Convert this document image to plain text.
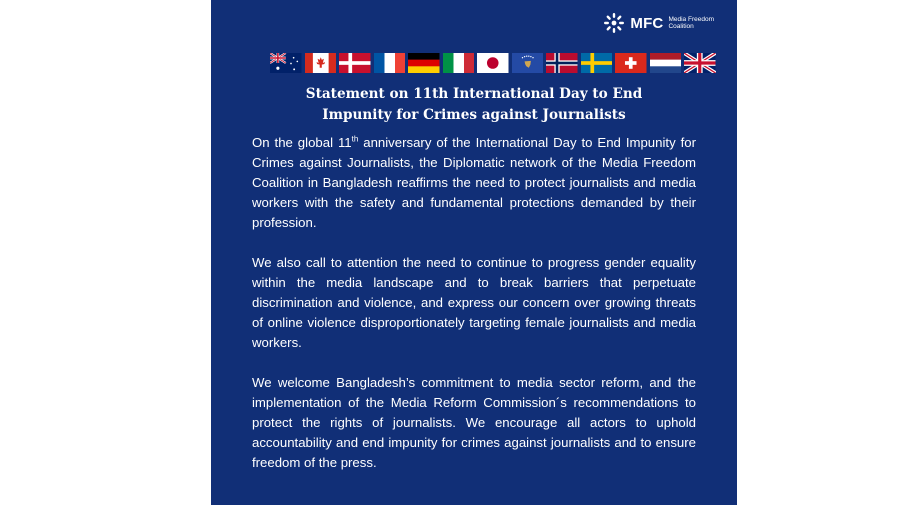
MFC Media Freedom
Coalition
Statement on 11th International Day to End
Impunity for Crimes against Journalists

On the global 11th anniversary of the International Day to End Impunity for Crimes against Journalists, the Diplomatic network of the Media Freedom Coalition in Bangladesh reaffirms the need to protect journalists and media workers with the safety and fundamental protections demanded by their profession.

We also call to attention the need to continue to progress gender equality within the media landscape and to break barriers that perpetuate discrimination and violence, and express our concern over growing threats of online violence disproportionately targeting female journalists and media workers.

We welcome Bangladesh’s commitment to media sector reform, and the implementation of the Media Reform Commission´s recommendations to protect the rights of journalists. We encourage all actors to uphold accountability and end impunity for crimes against journalists and to ensure freedom of the press.
